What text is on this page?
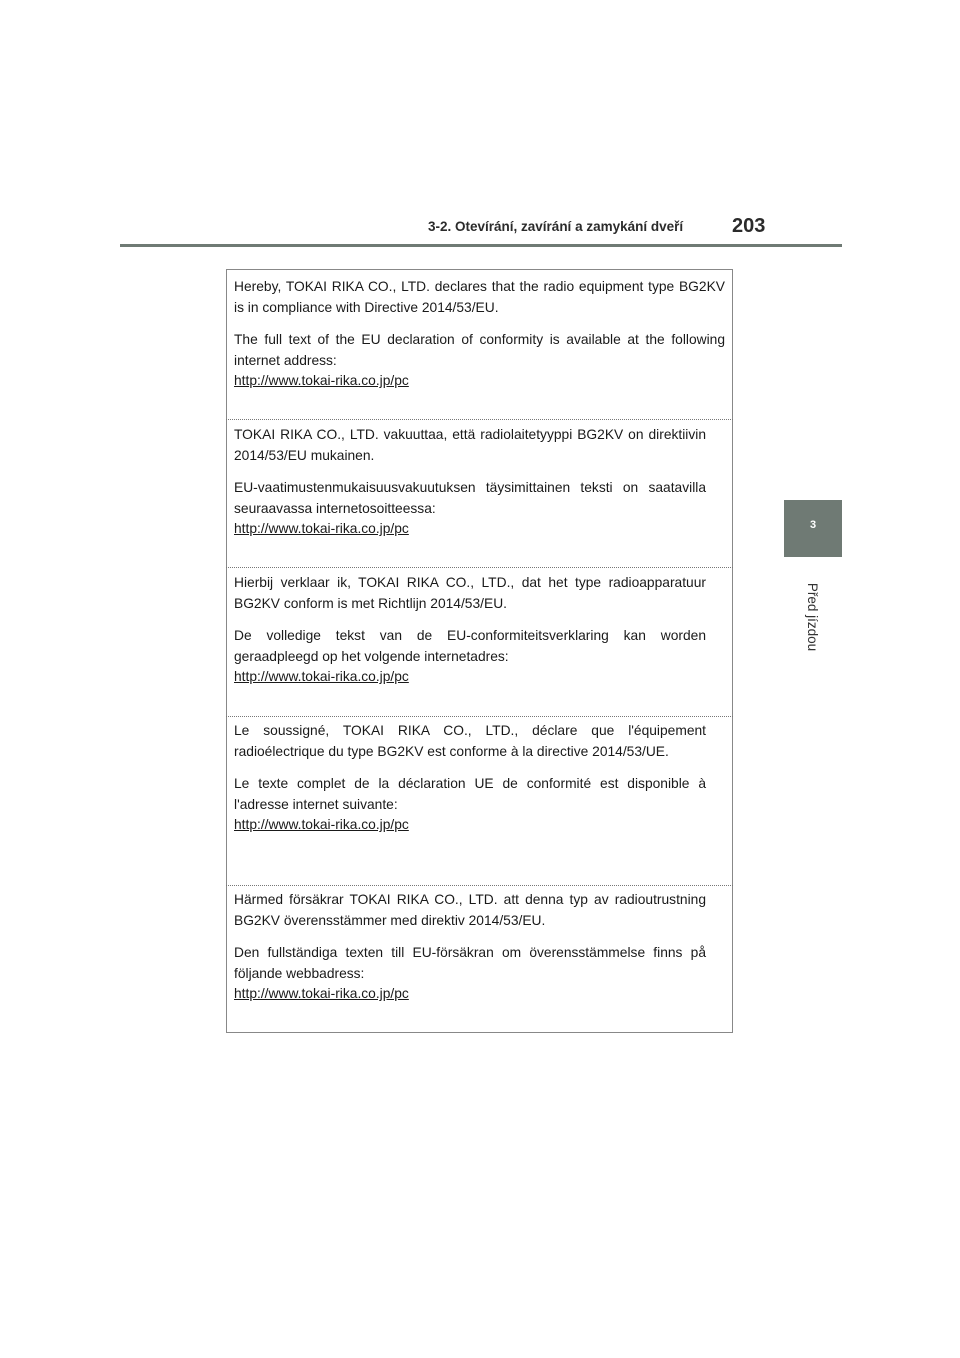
3-2. Otevírání, zavírání a zamykání dveří 203
3
Před jízdou

Hereby, TOKAI RIKA CO., LTD. declares that the radio equipment type BG2KV is in compliance with Directive 2014/53/EU.

The full text of the EU declaration of conformity is available at the following internet address:
http://www.tokai-rika.co.jp/pc

TOKAI RIKA CO., LTD. vakuuttaa, että radiolaitetyyppi BG2KV on direktiivin 2014/53/EU mukainen.

EU-vaatimustenmukaisuusvakuutuksen täysimittainen teksti on saatavilla seuraavassa internetosoitteessa:
http://www.tokai-rika.co.jp/pc

Hierbij verklaar ik, TOKAI RIKA CO., LTD., dat het type radioapparatuur BG2KV conform is met Richtlijn 2014/53/EU.

De volledige tekst van de EU-conformiteitsverklaring kan worden geraadpleegd op het volgende internetadres:
http://www.tokai-rika.co.jp/pc

Le soussigné, TOKAI RIKA CO., LTD., déclare que l'équipement radioélectrique du type BG2KV est conforme à la directive 2014/53/UE.

Le texte complet de la déclaration UE de conformité est disponible à l'adresse internet suivante:
http://www.tokai-rika.co.jp/pc

Härmed försäkrar TOKAI RIKA CO., LTD. att denna typ av radioutrustning BG2KV överensstämmer med direktiv 2014/53/EU.

Den fullständiga texten till EU-försäkran om överensstämmelse finns på följande webbadress:
http://www.tokai-rika.co.jp/pc
